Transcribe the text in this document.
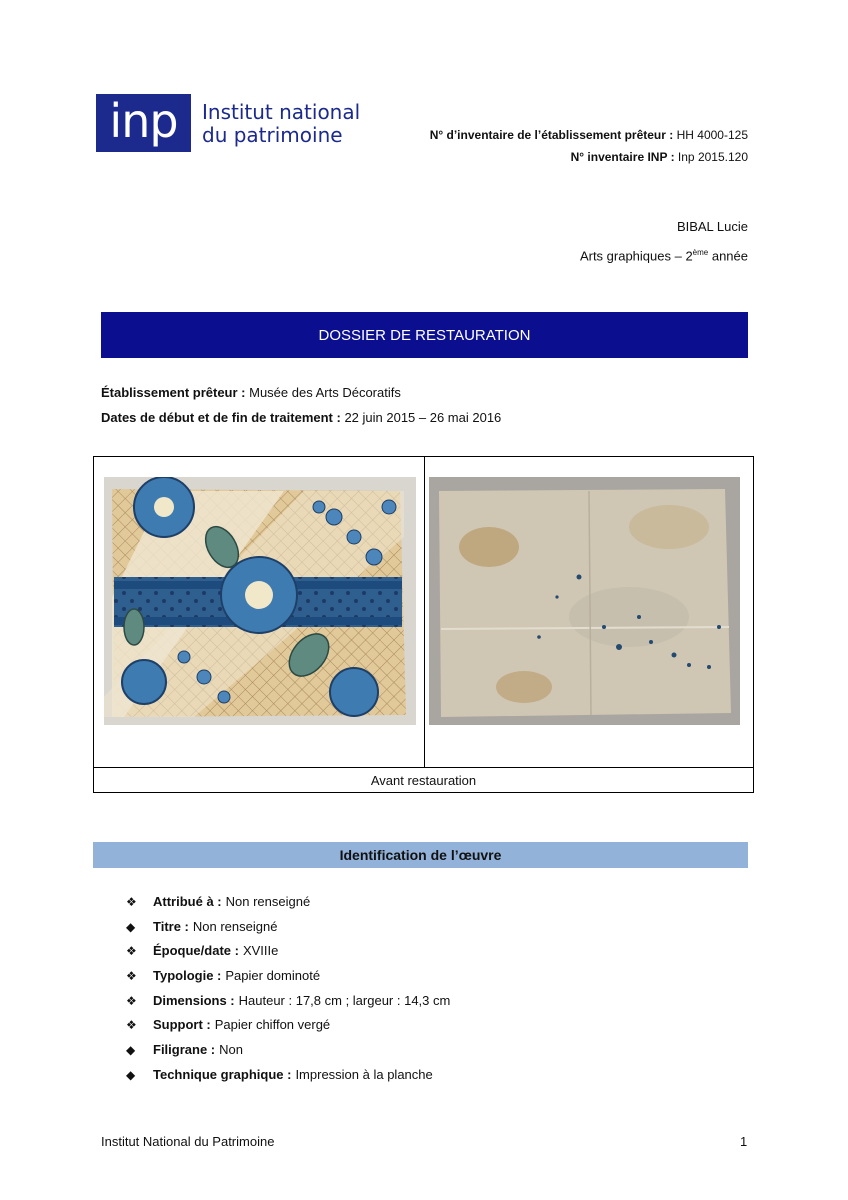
inp	Institut national
du patrimoine	N° d’inventaire de l’établissement prêteur : HH 4000-125
N° inventaire INP : Inp 2015.120
BIBAL Lucie
Arts graphiques – 2ème année
DOSSIER DE RESTAURATION
Établissement prêteur : Musée des Arts Décoratifs
Dates de début et de fin de traitement : 22 juin 2015 – 26 mai 2016
Avant restauration
Identification de l’œuvre
❖	Attribué à : Non renseigné
◆	Titre : Non renseigné
❖	Époque/date : XVIIIe
❖	Typologie : Papier dominoté
❖	Dimensions : Hauteur : 17,8 cm ; largeur : 14,3 cm
❖	Support : Papier chiffon vergé
◆	Filigrane : Non
◆	Technique graphique : Impression à la planche
Institut National du Patrimoine	1
